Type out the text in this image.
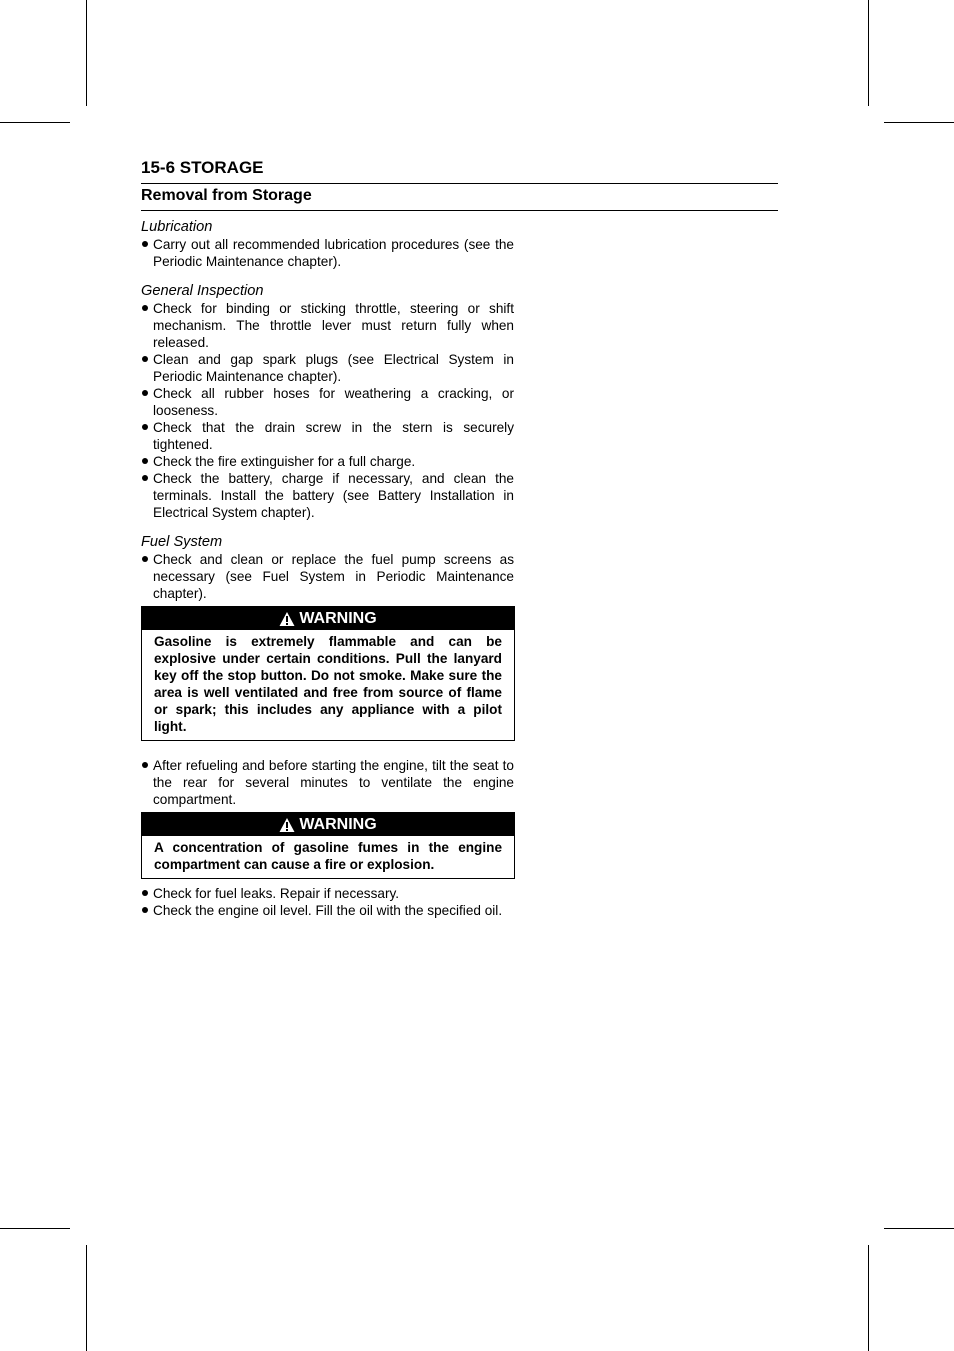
15-6 STORAGE
Removal from Storage

Lubrication

Carry out all recommended lubrication procedures (see the Periodic Maintenance chapter).

General Inspection

Check for binding or sticking throttle, steering or shift mechanism. The throttle lever must return fully when released.
Clean and gap spark plugs (see Electrical System in Periodic Maintenance chapter).
Check all rubber hoses for weathering a cracking, or looseness.
Check that the drain screw in the stern is securely tightened.
Check the fire extinguisher for a full charge.
Check the battery, charge if necessary, and clean the terminals. Install the battery (see Battery Installation in Electrical System chapter).

Fuel System

Check and clean or replace the fuel pump screens as necessary (see Fuel System in Periodic Maintenance chapter).
WARNING
Gasoline is extremely flammable and can be explosive under certain conditions. Pull the lanyard key off the stop button. Do not smoke. Make sure the area is well ventilated and free from source of flame or spark; this includes any appliance with a pilot light.
After refueling and before starting the engine, tilt the seat to the rear for several minutes to ventilate the engine compartment.
WARNING
A concentration of gasoline fumes in the engine compartment can cause a fire or explosion.
Check for fuel leaks. Repair if necessary.
Check the engine oil level. Fill the oil with the specified oil.
